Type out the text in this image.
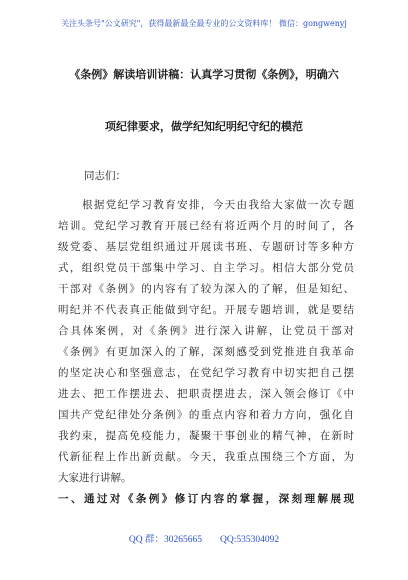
关注头条号"公文研究"，获得最新最全最专业的公文资料库！ 微信：gongwenyj
《条例》解读培训讲稿：认真学习贯彻《条例》，明确六
项纪律要求，做学纪知纪明纪守纪的模范
同志们：
根据党纪学习教育安排，今天由我给大家做一次专题
培训。党纪学习教育开展已经有将近两个月的时间了，各
级党委、基层党组织通过开展读书班、专题研讨等多种方
式，组织党员干部集中学习、自主学习。相信大部分党员
干部对《条例》的内容有了较为深入的了解，但是知纪、
明纪并不代表真正能做到守纪。开展专题培训，就是要结
合具体案例，对《条例》进行深入讲解，让党员干部对
《条例》有更加深入的了解，深刻感受到党推进自我革命
的坚定决心和坚强意志，在党纪学习教育中切实把自己摆
进去、把工作摆进去、把职责摆进去，深入领会修订《中
国共产党纪律处分条例》的重点内容和着力方向，强化自
我约束，提高免疫能力，凝聚干事创业的精气神，在新时
代新征程上作出新贡献。今天，我重点围绕三个方面，为
大家进行讲解。
一、通过对《条例》修订内容的掌握，深刻理解展现
QQ 群：30265665 QQ:535304092
